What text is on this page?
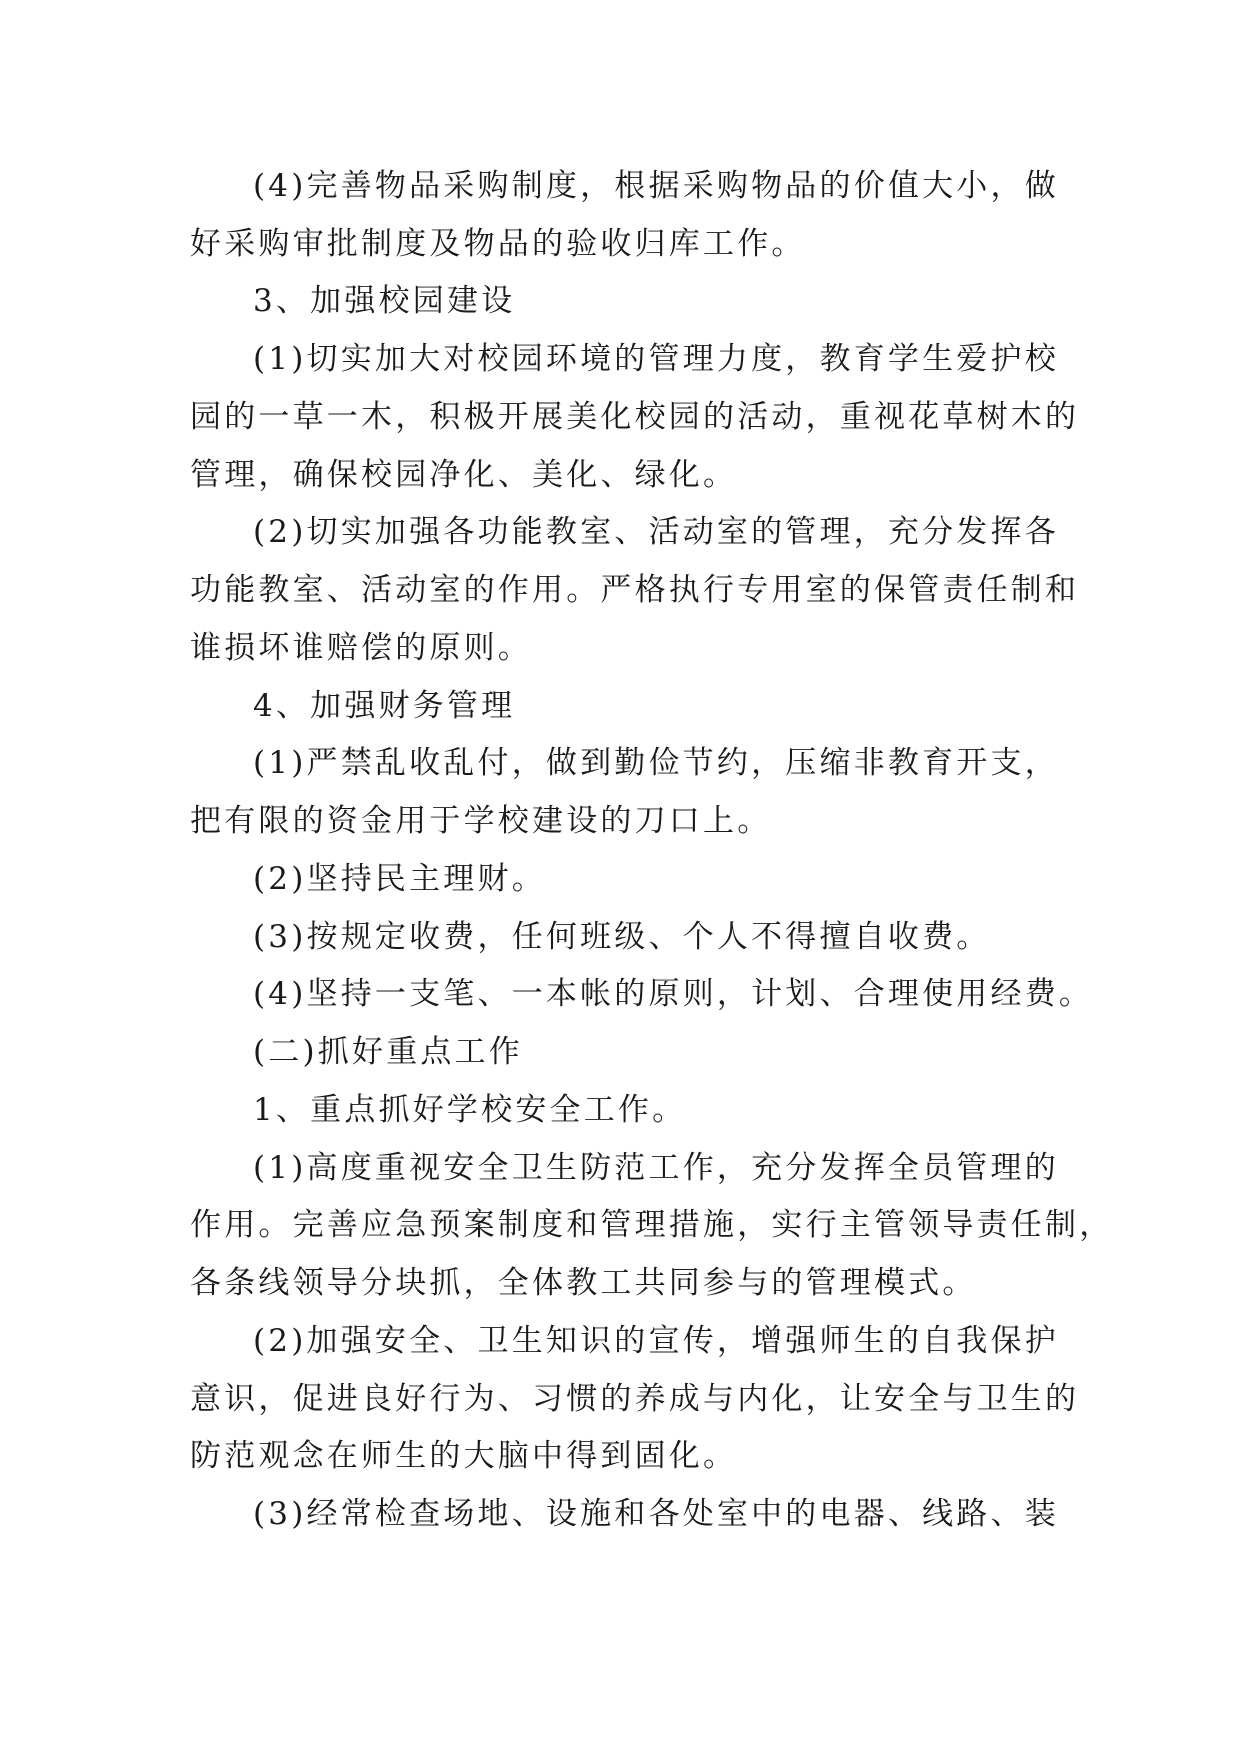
(4)完善物品采购制度，根据采购物品的价值大小，做
好采购审批制度及物品的验收归库工作。
3、加强校园建设
(1)切实加大对校园环境的管理力度，教育学生爱护校
园的一草一木，积极开展美化校园的活动，重视花草树木的
管理，确保校园净化、美化、绿化。
(2)切实加强各功能教室、活动室的管理，充分发挥各
功能教室、活动室的作用。严格执行专用室的保管责任制和
谁损坏谁赔偿的原则。
4、加强财务管理
(1)严禁乱收乱付，做到勤俭节约，压缩非教育开支，
把有限的资金用于学校建设的刀口上。
(2)坚持民主理财。
(3)按规定收费，任何班级、个人不得擅自收费。
(4)坚持一支笔、一本帐的原则，计划、合理使用经费。
(二)抓好重点工作
1、重点抓好学校安全工作。
(1)高度重视安全卫生防范工作，充分发挥全员管理的
作用。完善应急预案制度和管理措施，实行主管领导责任制，
各条线领导分块抓，全体教工共同参与的管理模式。
(2)加强安全、卫生知识的宣传，增强师生的自我保护
意识，促进良好行为、习惯的养成与内化，让安全与卫生的
防范观念在师生的大脑中得到固化。
(3)经常检查场地、设施和各处室中的电器、线路、装
